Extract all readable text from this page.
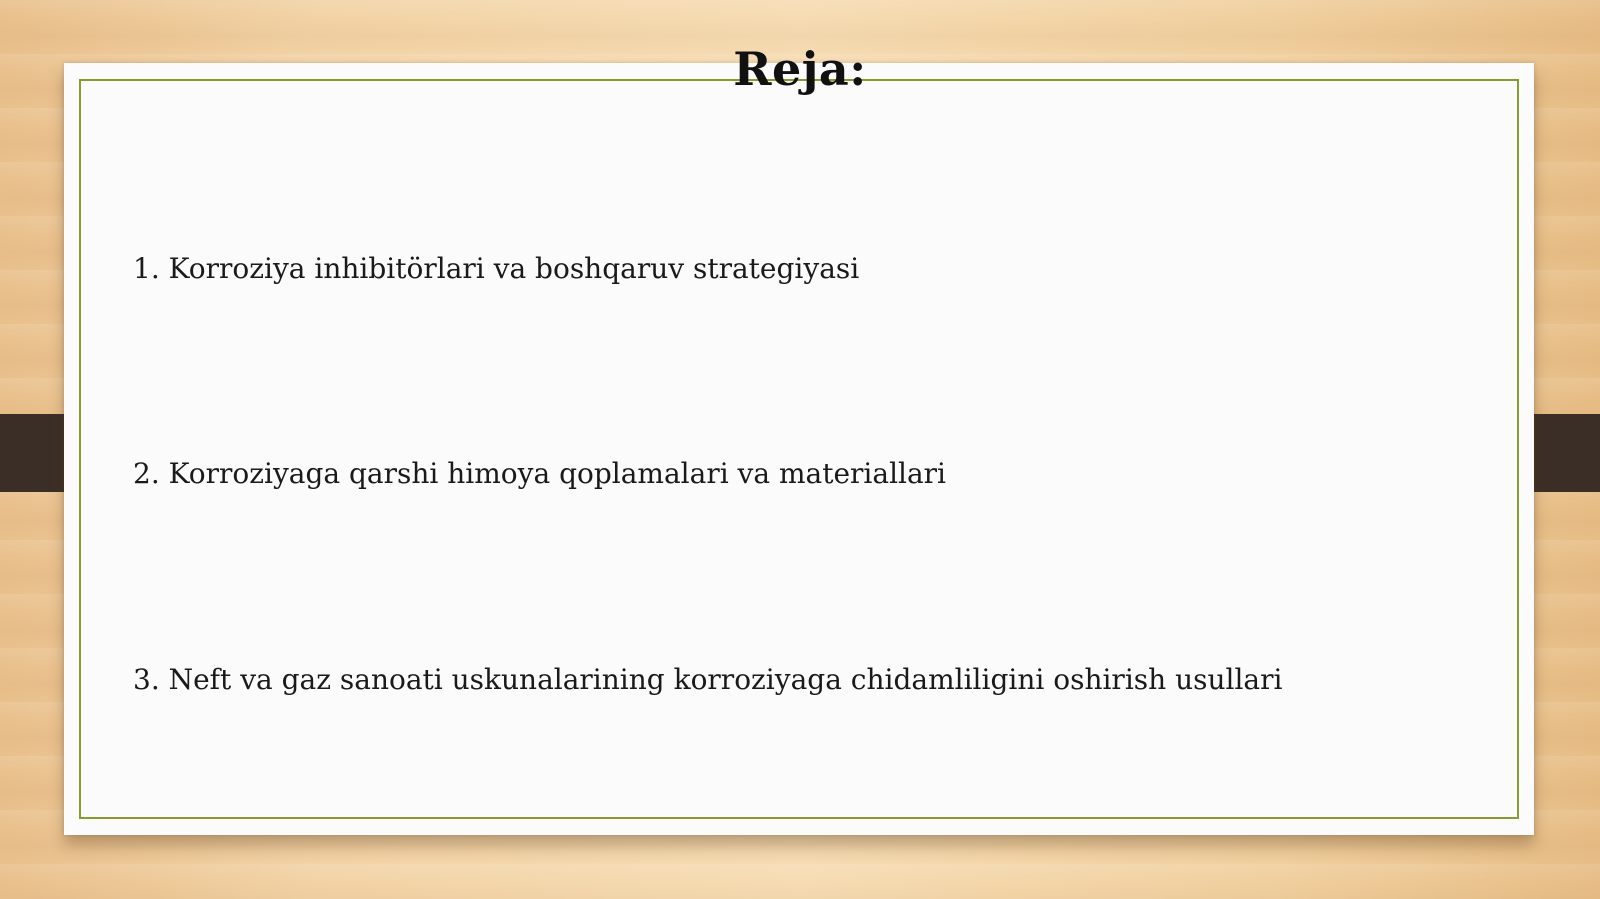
Reja:
1. Korroziya inhibitörlari va boshqaruv strategiyasi
2. Korroziyaga qarshi himoya qoplamalari va materiallari
3. Neft va gaz sanoati uskunalarining korroziyaga chidamliligini oshirish usullari
